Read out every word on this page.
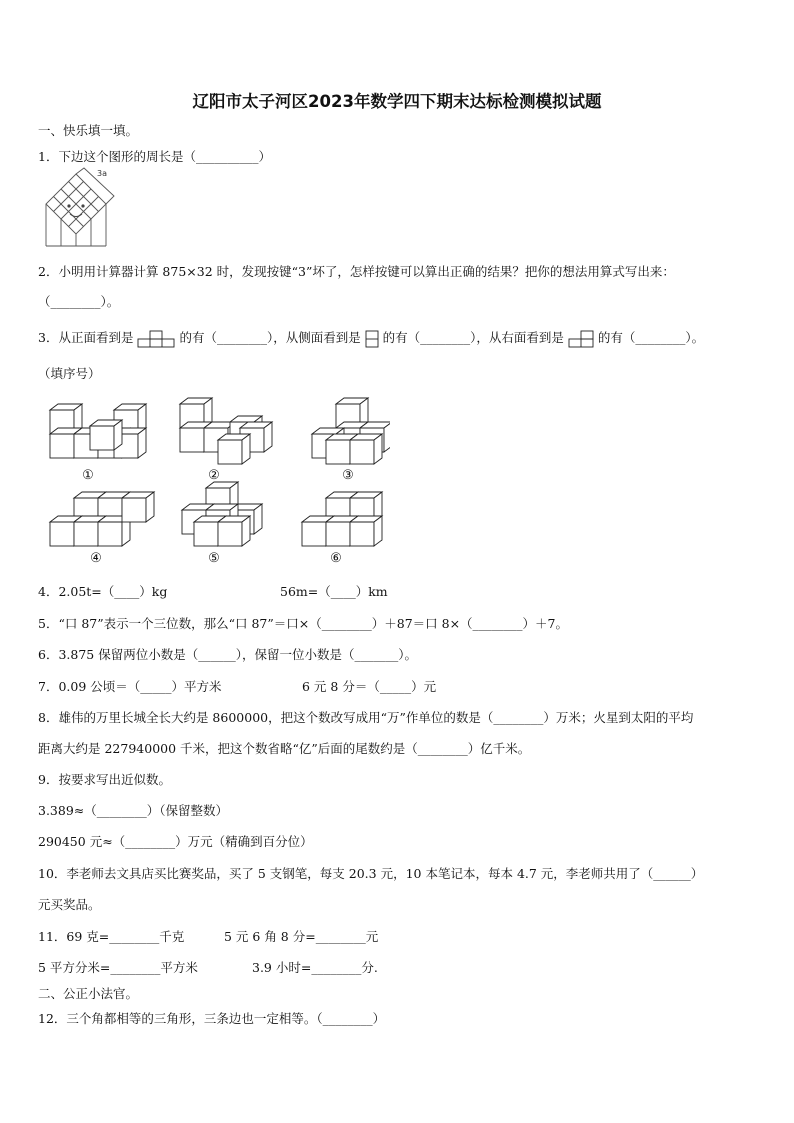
辽阳市太子河区2023年数学四下期末达标检测模拟试题
一、快乐填一填。
1．下边这个图形的周长是（__________）
3a
2．小明用计算器计算 875×32 时，发现按键“3”坏了，怎样按键可以算出正确的结果？把你的想法用算式写出来：
（________）。
3．从正面看到是	的有（________），从侧面看到是 的有（________），从右面看到是	的有（________）。
（填序号）
①	②	③
④	⑤	⑥
4．2.05t=（____）kg	56m=（____）km
5．“口 87”表示一个三位数，那么“口 87”＝口×（________）＋87＝口 8×（________）＋7。
6．3.875 保留两位小数是（______），保留一位小数是（_______）。
7．0.09 公顷＝（_____）平方米	6 元 8 分＝（_____）元
8．雄伟的万里长城全长大约是 8600000，把这个数改写成用“万”作单位的数是（________）万米；火星到太阳的平均
距离大约是 227940000 千米，把这个数省略“亿”后面的尾数约是（________）亿千米。
9．按要求写出近似数。
3.389≈（________）（保留整数）
290450 元≈（________）万元（精确到百分位）
10．李老师去文具店买比赛奖品，买了 5 支钢笔，每支 20.3 元，10 本笔记本，每本 4.7 元，李老师共用了（______）
元买奖品。
11．69 克=________千克	5 元 6 角 8 分=________元
5 平方分米=________平方米	3.9 小时=________分.
二、公正小法官。
12．三个角都相等的三角形，三条边也一定相等。（________）
